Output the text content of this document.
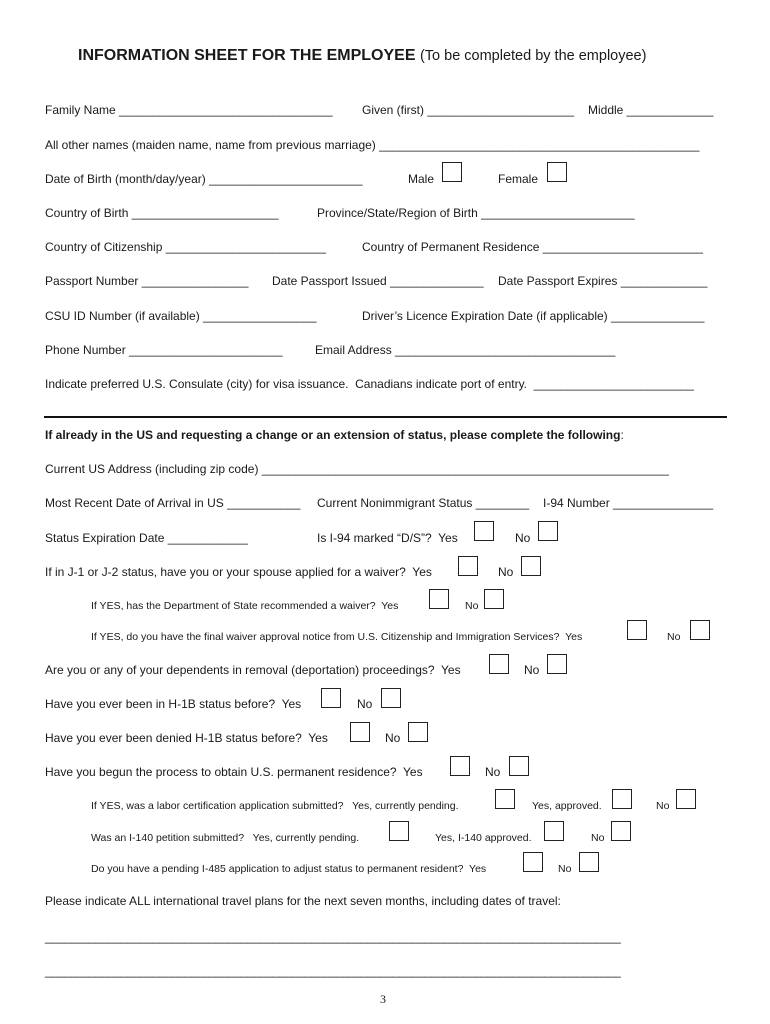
INFORMATION SHEET FOR THE EMPLOYEE (To be completed by the employee)
Family Name ________________________________ Given (first) ______________________ Middle _____________
All other names (maiden name, name from previous marriage) ________________________________________________
Date of Birth (month/day/year) _______________________	Male	Female
Country of Birth ______________________	Province/State/Region of Birth _______________________
Country of Citizenship ________________________	Country of Permanent Residence ________________________
Passport Number ________________ Date Passport Issued ______________ Date Passport Expires _____________
CSU ID Number (if available) _________________	Driver’s Licence Expiration Date (if applicable) ______________
Phone Number _______________________	Email Address _________________________________
Indicate preferred U.S. Consulate (city) for visa issuance.  Canadians indicate port of entry.  ________________________
If already in the US and requesting a change or an extension of status, please complete the following:
Current US Address (including zip code) _____________________________________________________________
Most Recent Date of Arrival in US ___________ Current Nonimmigrant Status ________ I-94 Number _______________
Status Expiration Date ____________	Is I-94 marked “D/S”?  Yes	No
If in J-1 or J-2 status, have you or your spouse applied for a waiver?  Yes	No
If YES, has the Department of State recommended a waiver?  Yes	No
If YES, do you have the final waiver approval notice from U.S. Citizenship and Immigration Services?  Yes	No
Are you or any of your dependents in removal (deportation) proceedings?  Yes	No
Have you ever been in H-1B status before?  Yes	No
Have you ever been denied H-1B status before?  Yes	No
Have you begun the process to obtain U.S. permanent residence?  Yes	No
If YES, was a labor certification application submitted?   Yes, currently pending.	Yes, approved.	No
Was an I-140 petition submitted?   Yes, currently pending.	Yes, I-140 approved.	No
Do you have a pending I-485 application to adjust status to permanent resident?  Yes	No
Please indicate ALL international travel plans for the next seven months, including dates of travel:
___________________________________________________________________________________________
___________________________________________________________________________________________
3
